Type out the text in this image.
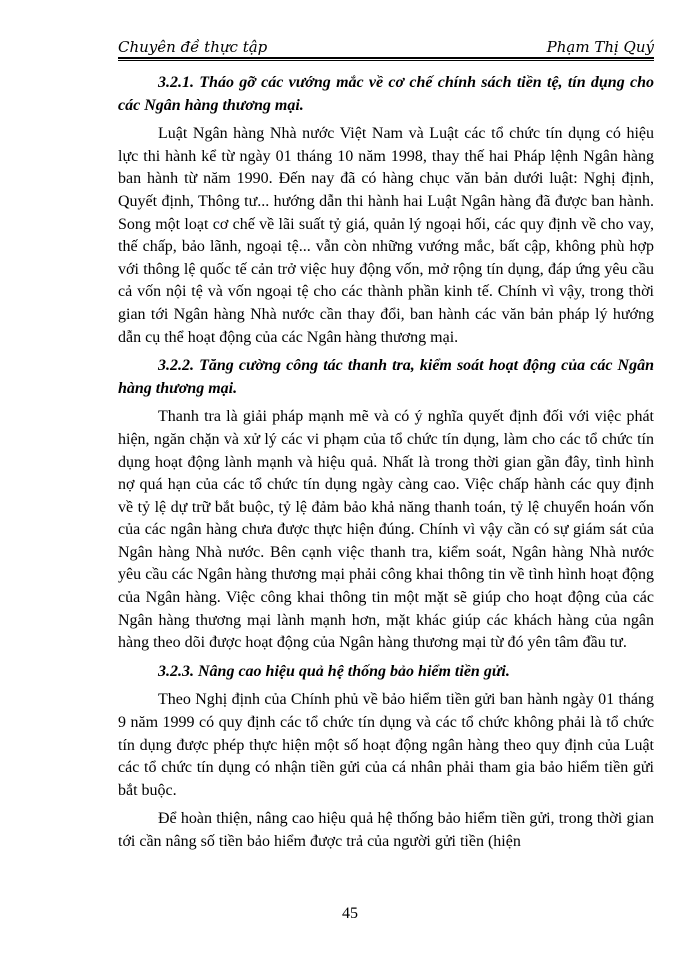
Chuyên đề thực tập	Phạm Thị Quý

3.2.1. Tháo gỡ các vướng mắc về cơ chế chính sách tiền tệ, tín dụng cho các Ngân hàng thương mại.

Luật Ngân hàng Nhà nước Việt Nam và Luật các tổ chức tín dụng có hiệu lực thi hành kể từ ngày 01 tháng 10 năm 1998, thay thế hai Pháp lệnh Ngân hàng ban hành từ năm 1990. Đến nay đã có hàng chục văn bản dưới luật: Nghị định, Quyết định, Thông tư... hướng dẫn thi hành hai Luật Ngân hàng đã được ban hành. Song một loạt cơ chế về lãi suất tỷ giá, quản lý ngoại hối, các quy định về cho vay, thế chấp, bảo lãnh, ngoại tệ... vẫn còn những vướng mắc, bất cập, không phù hợp với thông lệ quốc tế cản trở việc huy động vốn, mở rộng tín dụng, đáp ứng yêu cầu cả vốn nội tệ và vốn ngoại tệ cho các thành phần kinh tế. Chính vì vậy, trong thời gian tới Ngân hàng Nhà nước cần thay đổi, ban hành các văn bản pháp lý hướng dẫn cụ thể hoạt động của các Ngân hàng thương mại.

3.2.2. Tăng cường công tác thanh tra, kiểm soát hoạt động của các Ngân hàng thương mại.

Thanh tra là giải pháp mạnh mẽ và có ý nghĩa quyết định đối với việc phát hiện, ngăn chặn và xử lý các vi phạm của tổ chức tín dụng, làm cho các tổ chức tín dụng hoạt động lành mạnh và hiệu quả. Nhất là trong thời gian gần đây, tình hình nợ quá hạn của các tổ chức tín dụng ngày càng cao. Việc chấp hành các quy định về tỷ lệ dự trữ bắt buộc, tỷ lệ đảm bảo khả năng thanh toán, tỷ lệ chuyển hoán vốn của các ngân hàng chưa được thực hiện đúng. Chính vì vậy cần có sự giám sát của Ngân hàng Nhà nước. Bên cạnh việc thanh tra, kiểm soát, Ngân hàng Nhà nước yêu cầu các Ngân hàng thương mại phải công khai thông tin về tình hình hoạt động của Ngân hàng. Việc công khai thông tin một mặt sẽ giúp cho hoạt động của các Ngân hàng thương mại lành mạnh hơn, mặt khác giúp các khách hàng của ngân hàng theo dõi được hoạt động của Ngân hàng thương mại từ đó yên tâm đầu tư.

3.2.3. Nâng cao hiệu quả hệ thống bảo hiểm tiền gửi.

Theo Nghị định của Chính phủ về bảo hiểm tiền gửi ban hành ngày 01 tháng 9 năm 1999 có quy định các tổ chức tín dụng và các tổ chức không phải là tổ chức tín dụng được phép thực hiện một số hoạt động ngân hàng theo quy định của Luật các tổ chức tín dụng có nhận tiền gửi của cá nhân phải tham gia bảo hiểm tiền gửi bắt buộc.

Để hoàn thiện, nâng cao hiệu quả hệ thống bảo hiểm tiền gửi, trong thời gian tới cần nâng số tiền bảo hiểm được trả của người gửi tiền (hiện

45
